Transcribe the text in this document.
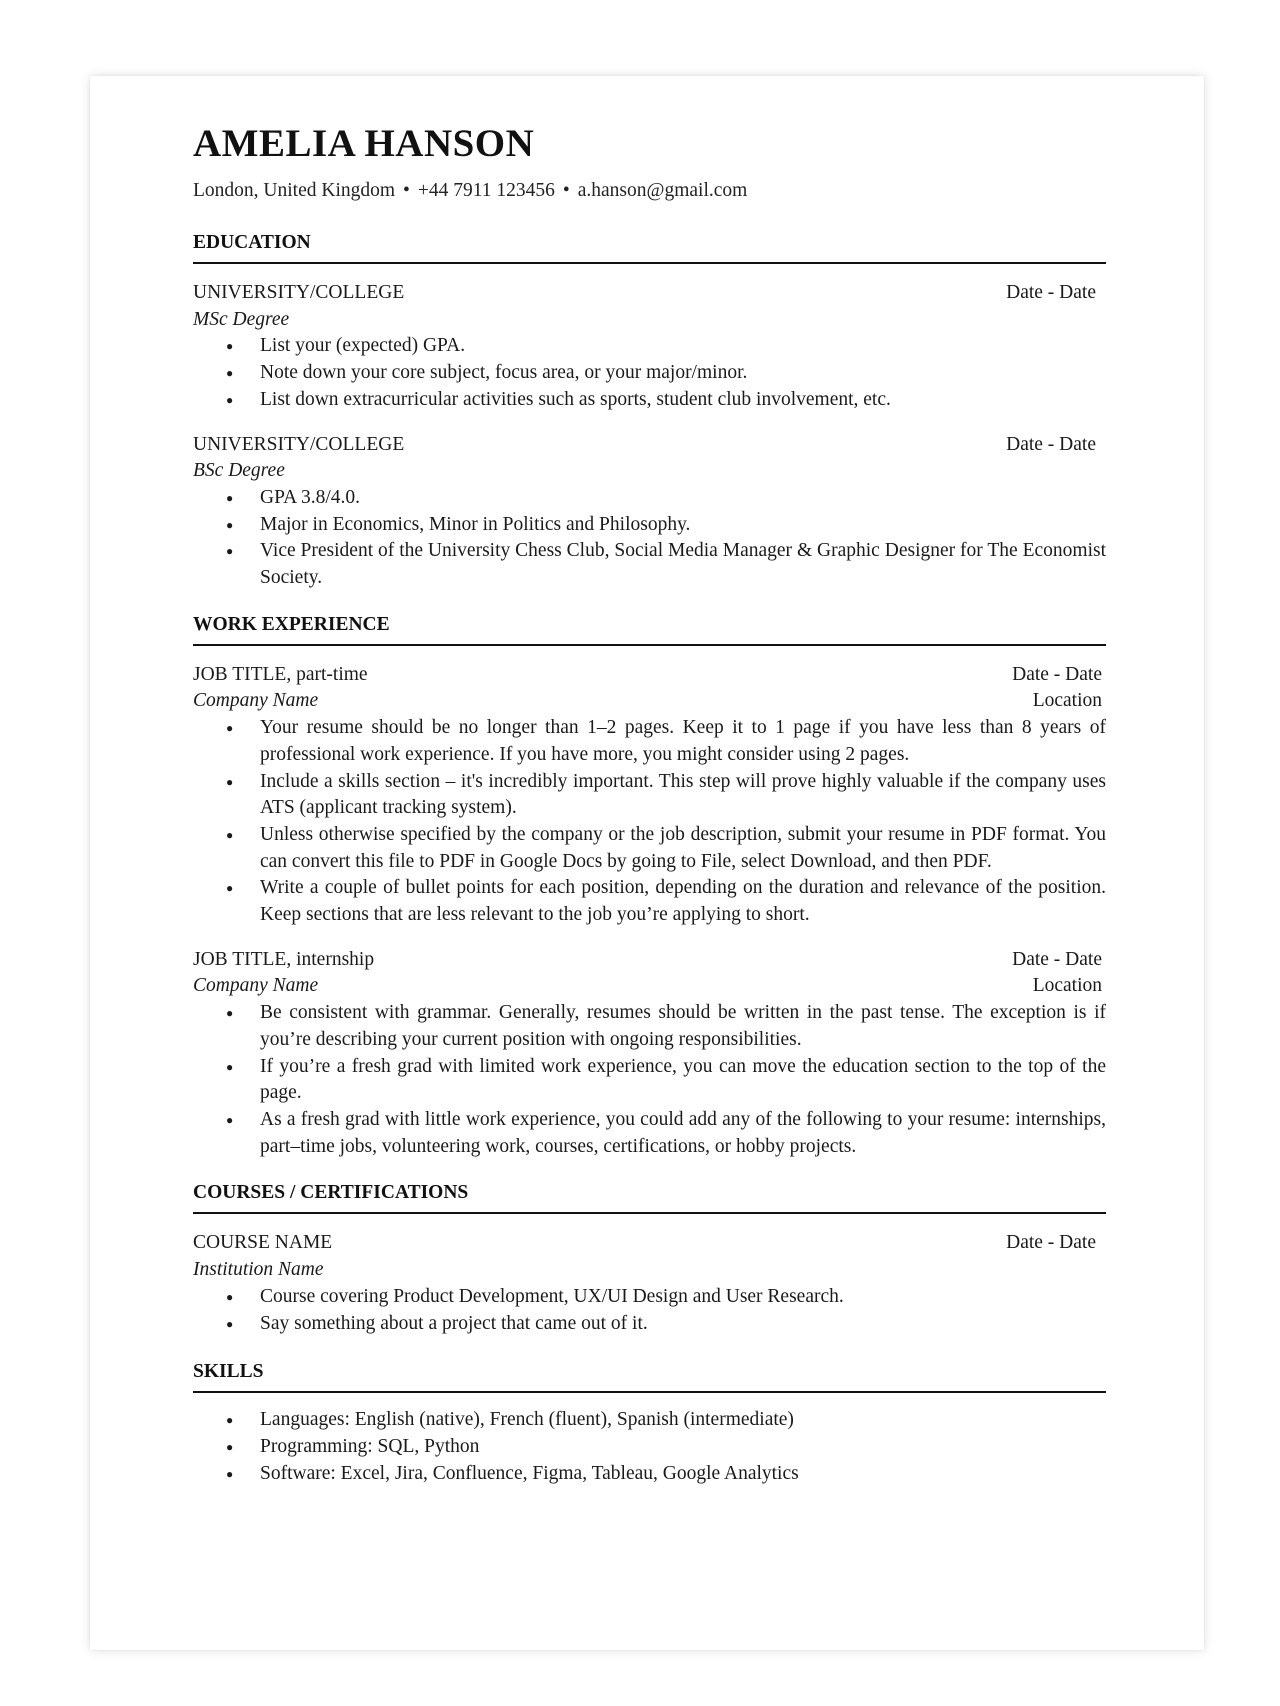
AMELIA HANSON
London, United Kingdom • +44 7911 123456 • a.hanson@gmail.com
EDUCATION
UNIVERSITY/COLLEGE	Date - Date
MSc Degree
● List your (expected) GPA.
● Note down your core subject, focus area, or your major/minor.
● List down extracurricular activities such as sports, student club involvement, etc.
UNIVERSITY/COLLEGE	Date - Date
BSc Degree
● GPA 3.8/4.0.
● Major in Economics, Minor in Politics and Philosophy.
● Vice President of the University Chess Club, Social Media Manager & Graphic Designer for The Economist Society.
WORK EXPERIENCE
JOB TITLE, part-time	Date - Date
Company Name	Location
● Your resume should be no longer than 1–2 pages. Keep it to 1 page if you have less than 8 years of professional work experience. If you have more, you might consider using 2 pages.
● Include a skills section – it's incredibly important. This step will prove highly valuable if the company uses ATS (applicant tracking system).
● Unless otherwise specified by the company or the job description, submit your resume in PDF format. You can convert this file to PDF in Google Docs by going to File, select Download, and then PDF.
● Write a couple of bullet points for each position, depending on the duration and relevance of the position. Keep sections that are less relevant to the job you’re applying to short.
JOB TITLE, internship	Date - Date
Company Name	Location
● Be consistent with grammar. Generally, resumes should be written in the past tense. The exception is if you’re describing your current position with ongoing responsibilities.
● If you’re a fresh grad with limited work experience, you can move the education section to the top of the page.
● As a fresh grad with little work experience, you could add any of the following to your resume: internships, part–time jobs, volunteering work, courses, certifications, or hobby projects.
COURSES / CERTIFICATIONS
COURSE NAME	Date - Date
Institution Name
● Course covering Product Development, UX/UI Design and User Research.
● Say something about a project that came out of it.
SKILLS
● Languages: English (native), French (fluent), Spanish (intermediate)
● Programming: SQL, Python
● Software: Excel, Jira, Confluence, Figma, Tableau, Google Analytics
